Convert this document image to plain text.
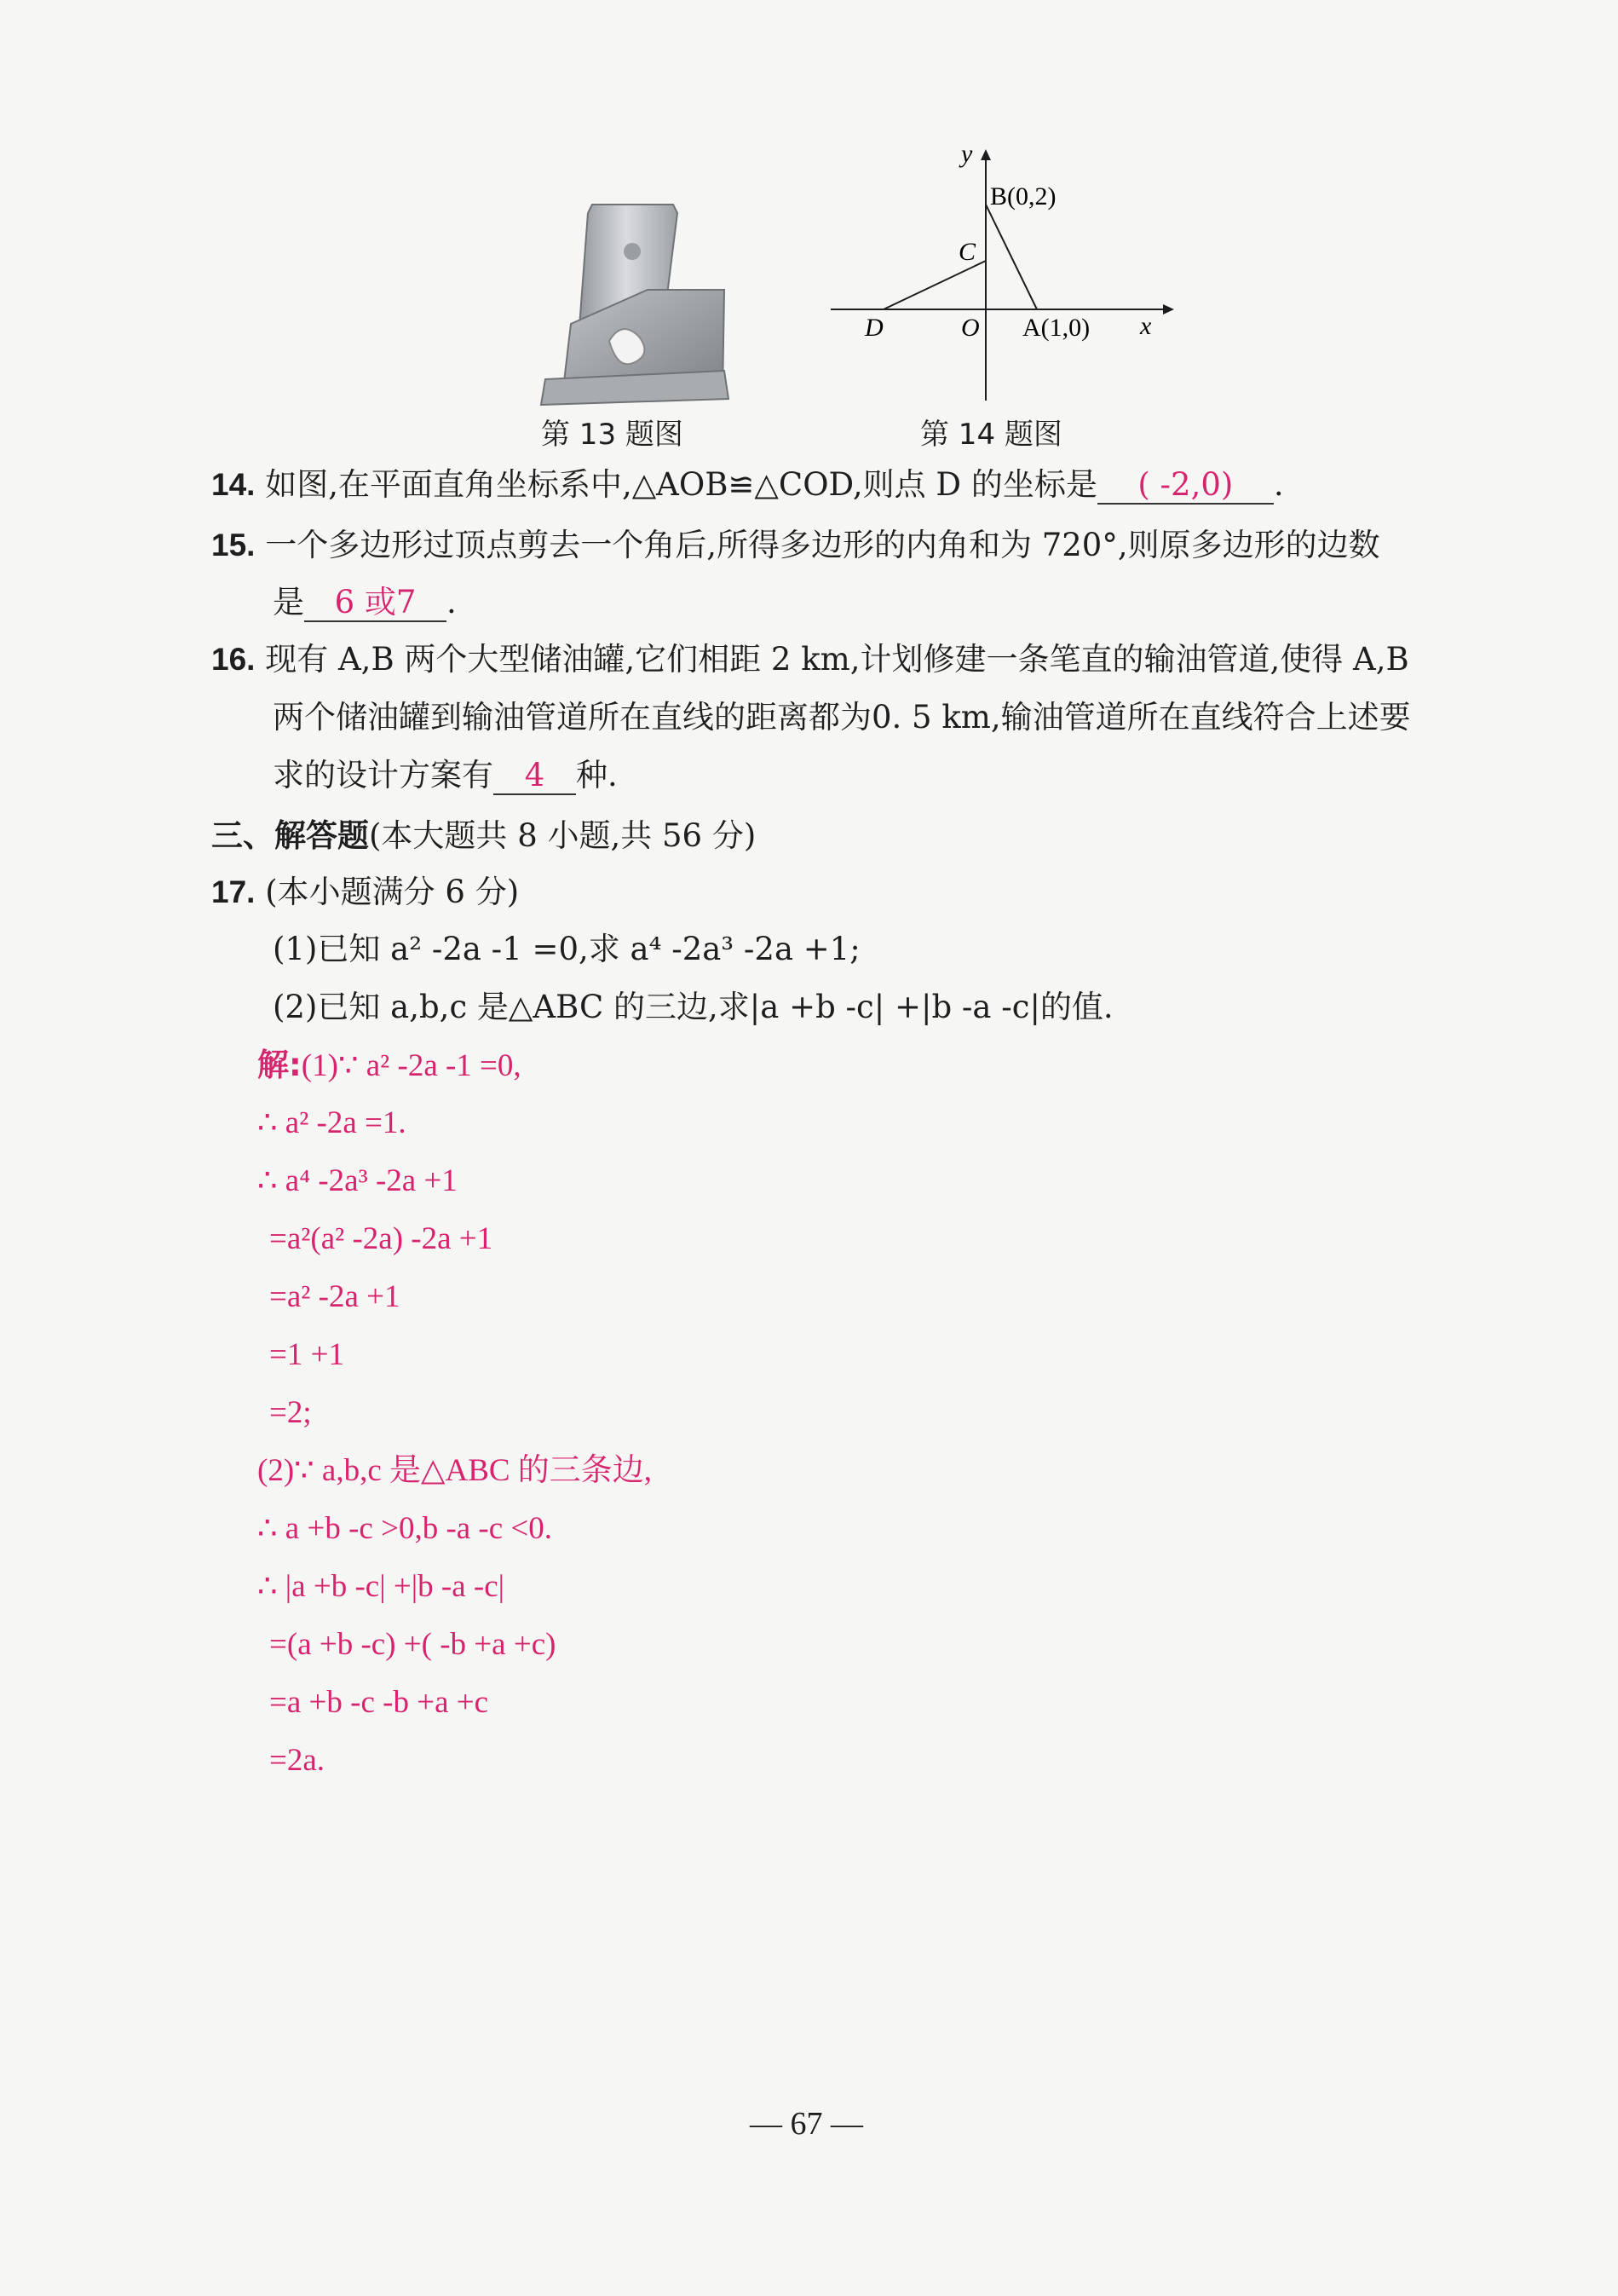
y
x
B(0,2)
C
D	O A(1,0)
第 13 题图	第 14 题图
14. 如图,在平面直角坐标系中,△AOB≌△COD,则点 D 的坐标是 ( -2,0) .
15. 一个多边形过顶点剪去一个角后,所得多边形的内角和为 720°,则原多边形的边数
是 6 或7 .
16. 现有 A,B 两个大型储油罐,它们相距 2 km,计划修建一条笔直的输油管道,使得 A,B
两个储油罐到输油管道所在直线的距离都为0. 5 km,输油管道所在直线符合上述要
求的设计方案有 4 种.
三、解答题(本大题共 8 小题,共 56 分)
17. (本小题满分 6 分)
(1)已知 a² -2a -1 =0,求 a⁴ -2a³ -2a +1;
(2)已知 a,b,c 是△ABC 的三边,求|a +b -c| +|b -a -c|的值.
解:(1)∵ a² -2a -1 =0,
∴ a² -2a =1.
∴ a⁴ -2a³ -2a +1
=a²(a² -2a) -2a +1
=a² -2a +1
=1 +1
=2;
(2)∵ a,b,c 是△ABC 的三条边,
∴ a +b -c >0,b -a -c <0.
∴ |a +b -c| +|b -a -c|
=(a +b -c) +( -b +a +c)
=a +b -c -b +a +c
=2a.
— 67 —
